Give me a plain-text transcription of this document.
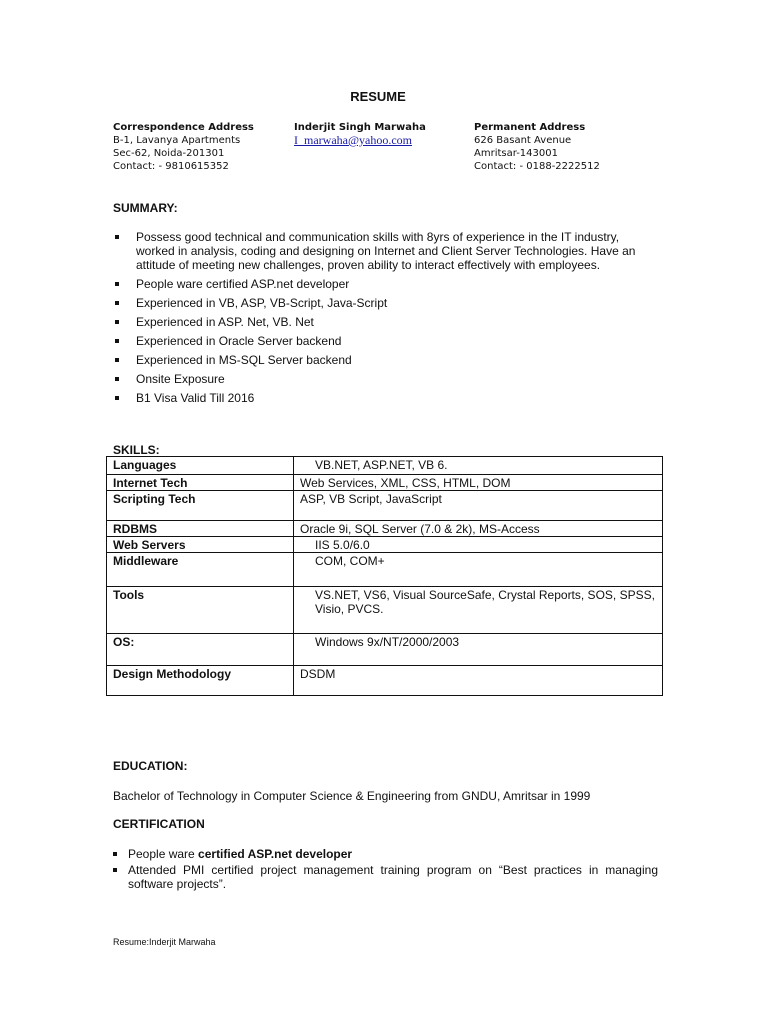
RESUME
Correspondence Address
B-1, Lavanya Apartments
Sec-62, Noida-201301
Contact: - 9810615352
Inderjit Singh Marwaha
I_marwaha@yahoo.com
Permanent Address
626 Basant Avenue
Amritsar-143001
Contact: - 0188-2222512
SUMMARY:
Possess good technical and communication skills with 8yrs of experience in the IT industry, worked in analysis, coding and designing on Internet and Client Server Technologies. Have an attitude of meeting new challenges, proven ability to interact effectively with employees.
People ware certified ASP.net developer
Experienced in VB, ASP, VB-Script, Java-Script
Experienced in ASP. Net, VB. Net
Experienced in Oracle Server backend
Experienced in MS-SQL Server backend
Onsite Exposure
B1 Visa Valid Till 2016
SKILLS:
Languages	VB.NET, ASP.NET, VB 6.
Internet Tech	Web Services, XML, CSS, HTML, DOM
Scripting Tech	ASP, VB Script, JavaScript
RDBMS	Oracle 9i, SQL Server (7.0 & 2k), MS-Access
Web Servers	IIS 5.0/6.0
Middleware	COM, COM+
Tools	VS.NET, VS6, Visual SourceSafe, Crystal Reports, SOS, SPSS, Visio, PVCS.
OS:	Windows 9x/NT/2000/2003
Design Methodology	DSDM
EDUCATION:
Bachelor of Technology in Computer Science & Engineering from GNDU, Amritsar in 1999
CERTIFICATION
People ware certified ASP.net developer
Attended PMI certified project management training program on “Best practices in managing software projects”.
Resume:Inderjit Marwaha
